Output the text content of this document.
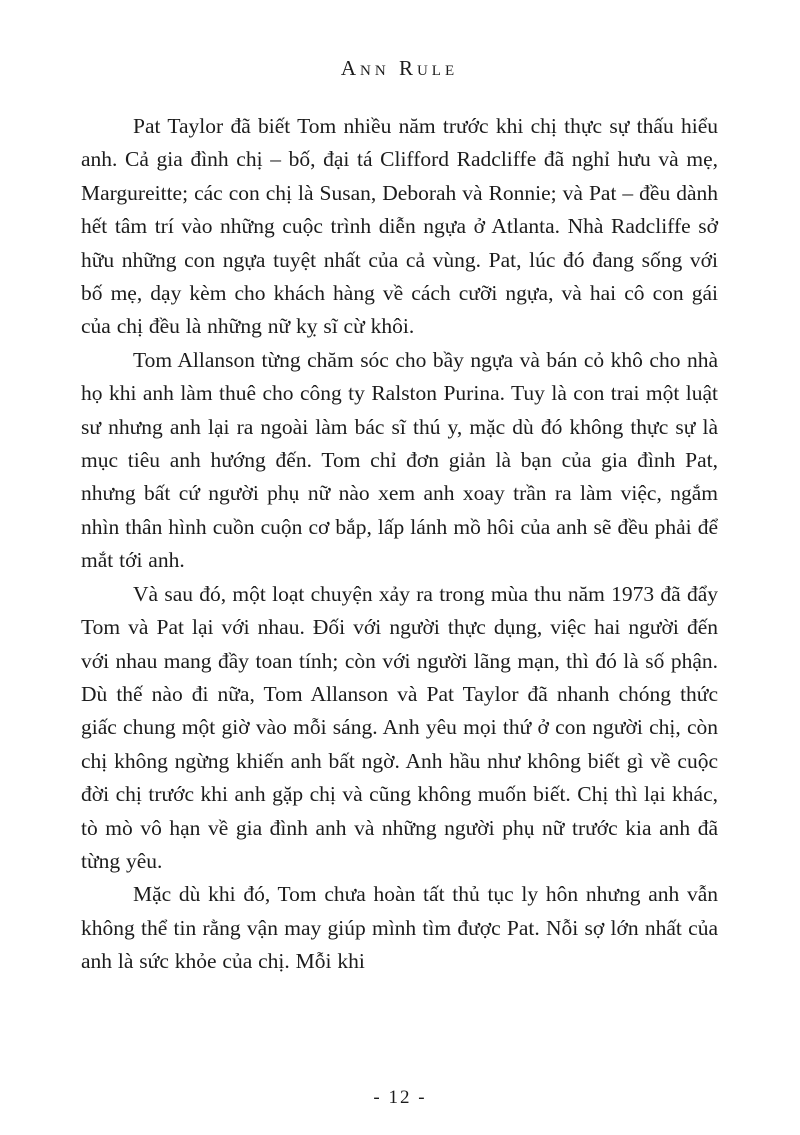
Ann Rule

Pat Taylor đã biết Tom nhiều năm trước khi chị thực sự thấu hiểu anh. Cả gia đình chị – bố, đại tá Clifford Radcliffe đã nghỉ hưu và mẹ, Margureitte; các con chị là Susan, Deborah và Ronnie; và Pat – đều dành hết tâm trí vào những cuộc trình diễn ngựa ở Atlanta. Nhà Radcliffe sở hữu những con ngựa tuyệt nhất của cả vùng. Pat, lúc đó đang sống với bố mẹ, dạy kèm cho khách hàng về cách cưỡi ngựa, và hai cô con gái của chị đều là những nữ kỵ sĩ cừ khôi.

Tom Allanson từng chăm sóc cho bầy ngựa và bán cỏ khô cho nhà họ khi anh làm thuê cho công ty Ralston Purina. Tuy là con trai một luật sư nhưng anh lại ra ngoài làm bác sĩ thú y, mặc dù đó không thực sự là mục tiêu anh hướng đến. Tom chỉ đơn giản là bạn của gia đình Pat, nhưng bất cứ người phụ nữ nào xem anh xoay trần ra làm việc, ngắm nhìn thân hình cuồn cuộn cơ bắp, lấp lánh mồ hôi của anh sẽ đều phải để mắt tới anh.

Và sau đó, một loạt chuyện xảy ra trong mùa thu năm 1973 đã đẩy Tom và Pat lại với nhau. Đối với người thực dụng, việc hai người đến với nhau mang đầy toan tính; còn với người lãng mạn, thì đó là số phận. Dù thế nào đi nữa, Tom Allanson và Pat Taylor đã nhanh chóng thức giấc chung một giờ vào mỗi sáng. Anh yêu mọi thứ ở con người chị, còn chị không ngừng khiến anh bất ngờ. Anh hầu như không biết gì về cuộc đời chị trước khi anh gặp chị và cũng không muốn biết. Chị thì lại khác, tò mò vô hạn về gia đình anh và những người phụ nữ trước kia anh đã từng yêu.

Mặc dù khi đó, Tom chưa hoàn tất thủ tục ly hôn nhưng anh vẫn không thể tin rằng vận may giúp mình tìm được Pat. Nỗi sợ lớn nhất của anh là sức khỏe của chị. Mỗi khi

- 12 -
